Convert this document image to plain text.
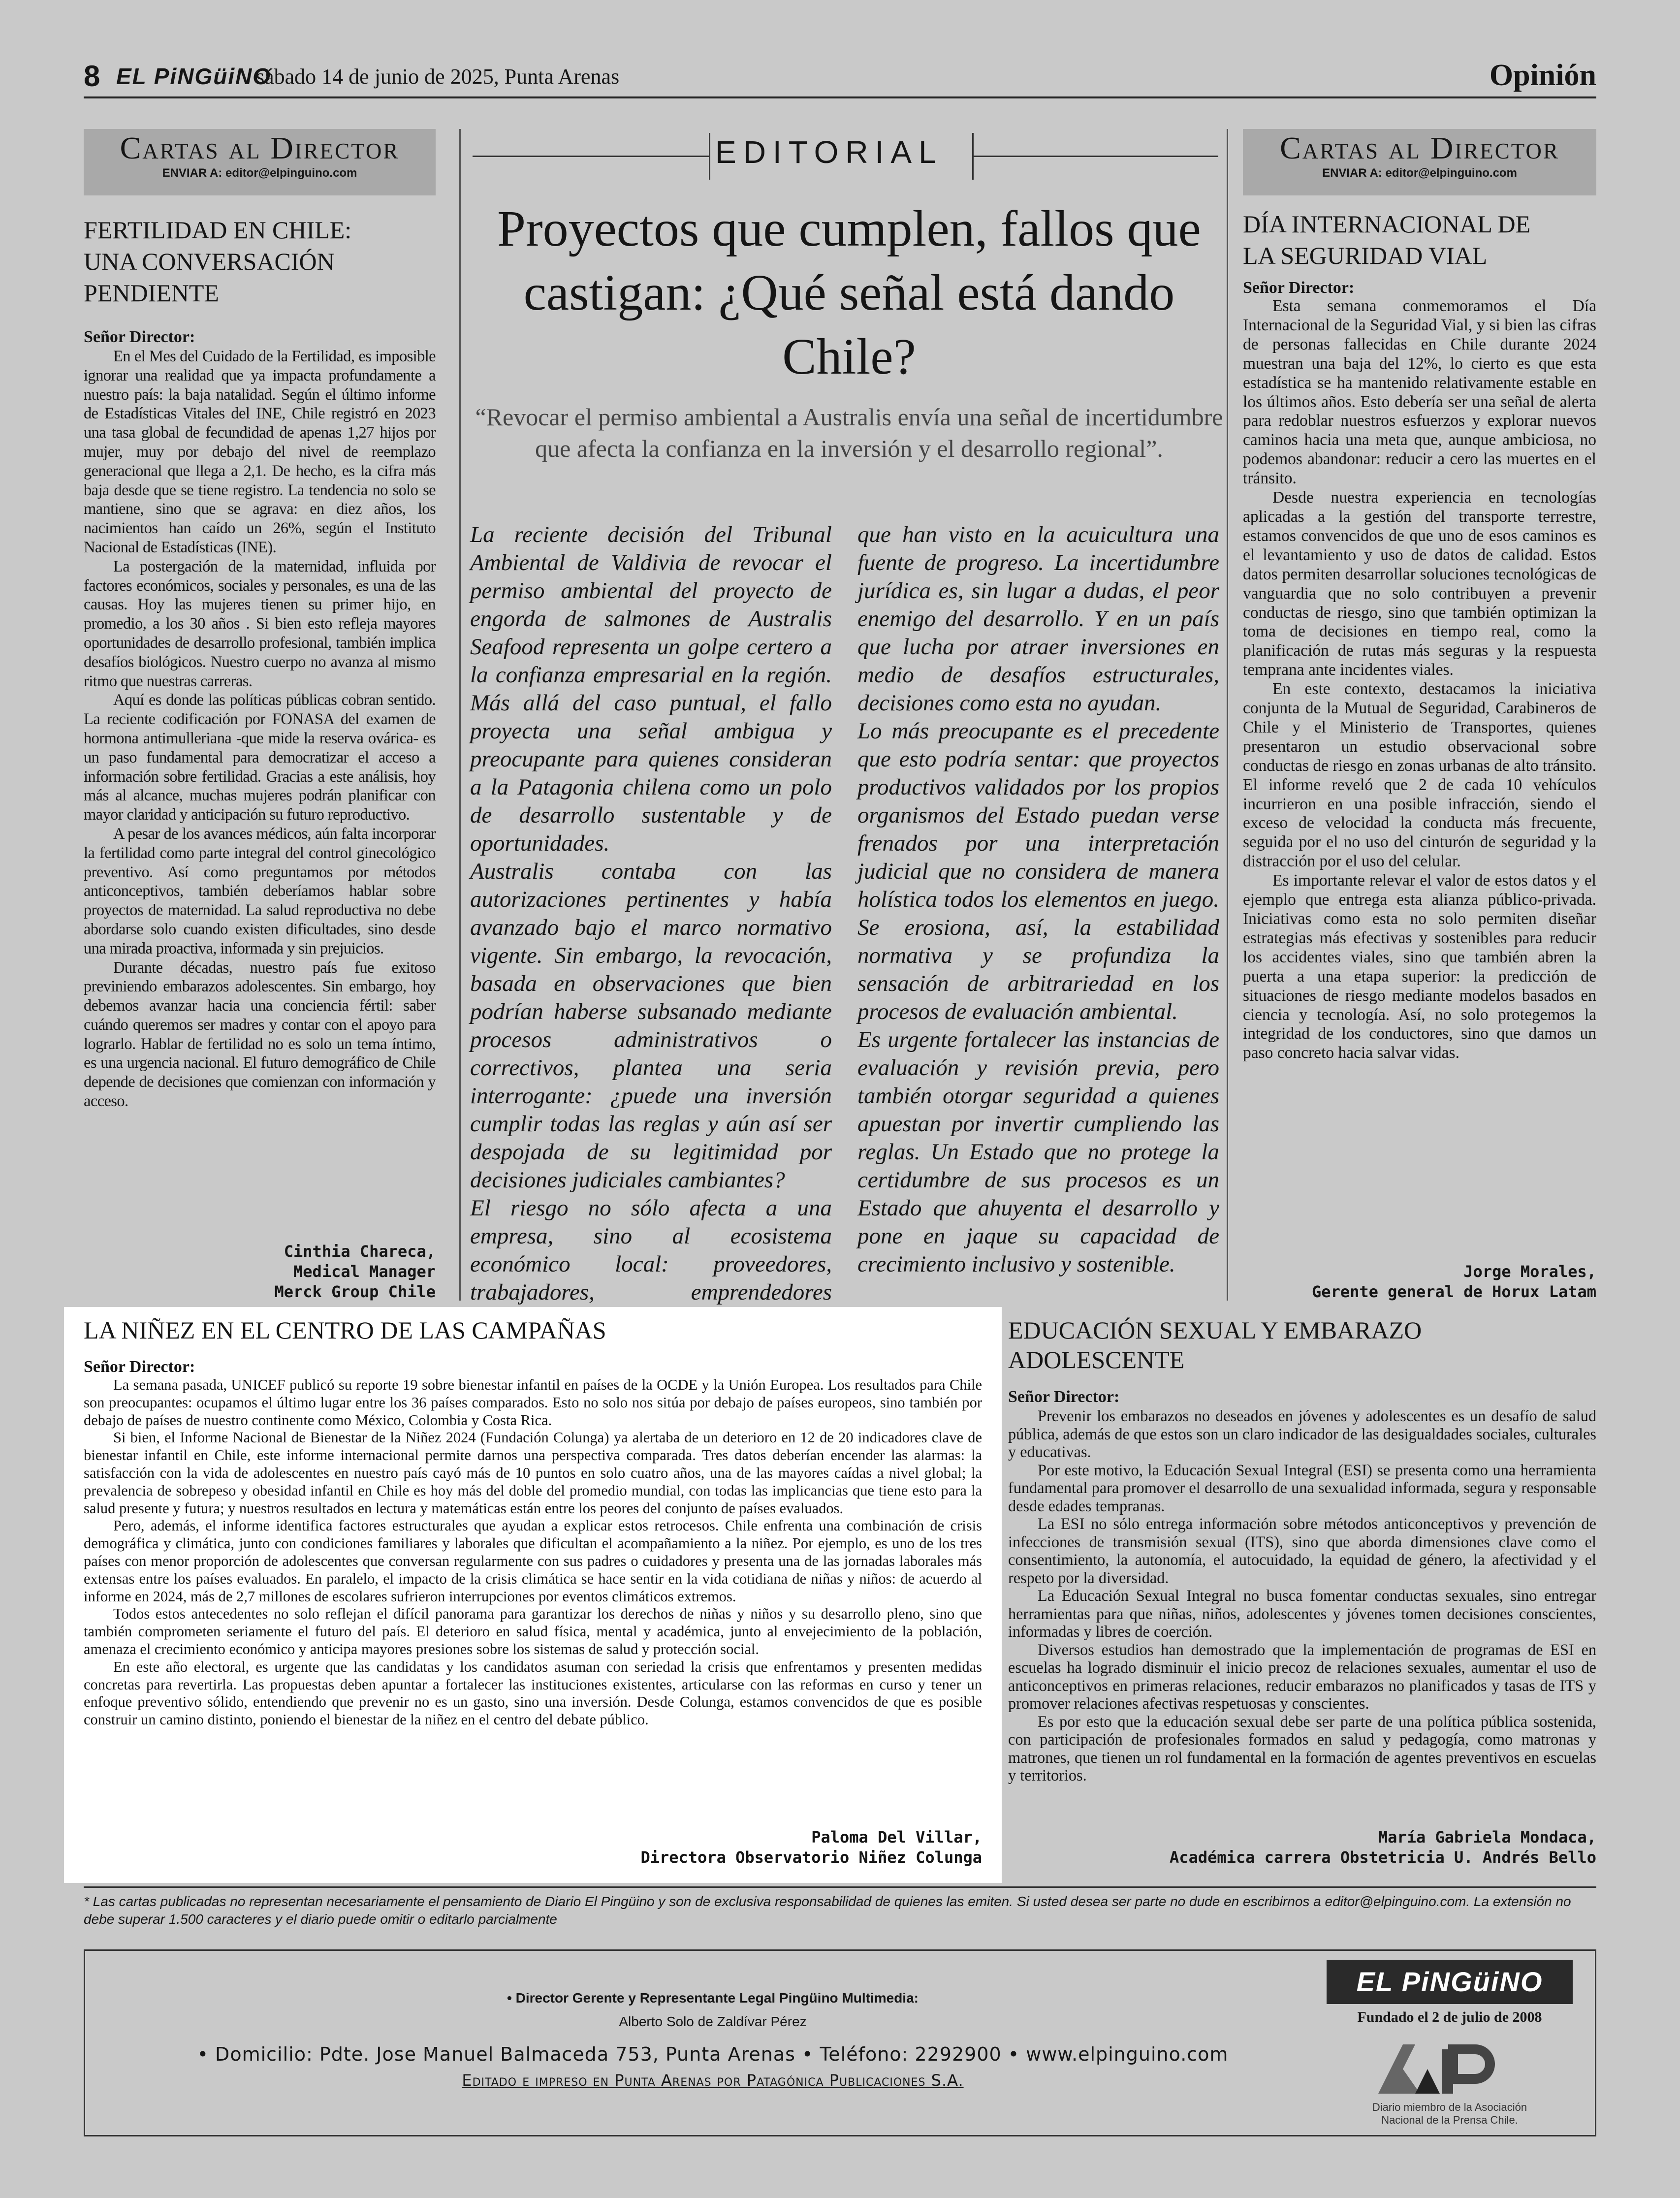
8 EL PiNGüiNO
sábado 14 de junio de 2025, Punta Arenas	Opinión
Cartas al Director
ENVIAR A: editor@elpinguino.com
FERTILIDAD EN CHILE:
UNA CONVERSACIÓN
PENDIENTE
Señor Director:

En el Mes del Cuidado de la Fertilidad, es imposible ignorar una realidad que ya impacta profundamente a nuestro país: la baja natalidad. Según el último informe de Estadísticas Vitales del INE, Chile registró en 2023 una tasa global de fecundidad de apenas 1,27 hijos por mujer, muy por debajo del nivel de reemplazo generacional que llega a 2,1. De hecho, es la cifra más baja desde que se tiene registro. La tendencia no solo se mantiene, sino que se agrava: en diez años, los nacimientos han caído un 26%, según el Instituto Nacional de Estadísticas (INE).

La postergación de la maternidad, influida por factores económicos, sociales y personales, es una de las causas. Hoy las mujeres tienen su primer hijo, en promedio, a los 30 años . Si bien esto refleja mayores oportunidades de desarrollo profesional, también implica desafíos biológicos. Nuestro cuerpo no avanza al mismo ritmo que nuestras carreras.

Aquí es donde las políticas públicas cobran sentido. La reciente codificación por FONASA del examen de hormona antimulleriana -que mide la reserva ovárica- es un paso fundamental para democratizar el acceso a información sobre fertilidad. Gracias a este análisis, hoy más al alcance, muchas mujeres podrán planificar con mayor claridad y anticipación su futuro reproductivo.

A pesar de los avances médicos, aún falta incorporar la fertilidad como parte integral del control ginecológico preventivo. Así como preguntamos por métodos anticonceptivos, también deberíamos hablar sobre proyectos de maternidad. La salud reproductiva no debe abordarse solo cuando existen dificultades, sino desde una mirada proactiva, informada y sin prejuicios.

Durante décadas, nuestro país fue exitoso previniendo embarazos adolescentes. Sin embargo, hoy debemos avanzar hacia una conciencia fértil: saber cuándo queremos ser madres y contar con el apoyo para lograrlo. Hablar de fertilidad no es solo un tema íntimo, es una urgencia nacional. El futuro demográfico de Chile depende de decisiones que comienzan con información y acceso.

Cinthia Chareca,
Medical Manager
Merck Group Chile
EDITORIAL
Proyectos que cumplen, fallos que castigan: ¿Qué señal está dando Chile?
“Revocar el permiso ambiental a Australis envía una señal de incertidumbre que afecta la confianza en la inversión y el desarrollo regional”.

La reciente decisión del Tribunal Ambiental de Valdivia de revocar el permiso ambiental del proyecto de engorda de salmones de Australis Seafood representa un golpe certero a la confianza empresarial en la región. Más allá del caso puntual, el fallo proyecta una señal ambigua y preocupante para quienes consideran a la Patagonia chilena como un polo de desarrollo sustentable y de oportunidades.

Australis contaba con las autorizaciones pertinentes y había avanzado bajo el marco normativo vigente. Sin embargo, la revocación, basada en observaciones que bien podrían haberse subsanado mediante procesos administrativos o correctivos, plantea una seria interrogante: ¿puede una inversión cumplir todas las reglas y aún así ser despojada de su legitimidad por decisiones judiciales cambiantes?

El riesgo no sólo afecta a una empresa, sino al ecosistema económico local: proveedores, trabajadores, emprendedores

que han visto en la acuicultura una fuente de progreso. La incertidumbre jurídica es, sin lugar a dudas, el peor enemigo del desarrollo. Y en un país que lucha por atraer inversiones en medio de desafíos estructurales, decisiones como esta no ayudan.

Lo más preocupante es el precedente que esto podría sentar: que proyectos productivos validados por los propios organismos del Estado puedan verse frenados por una interpretación judicial que no considera de manera holística todos los elementos en juego. Se erosiona, así, la estabilidad normativa y se profundiza la sensación de arbitrariedad en los procesos de evaluación ambiental.

Es urgente fortalecer las instancias de evaluación y revisión previa, pero también otorgar seguridad a quienes apuestan por invertir cumpliendo las reglas. Un Estado que no protege la certidumbre de sus procesos es un Estado que ahuyenta el desarrollo y pone en jaque su capacidad de crecimiento inclusivo y sostenible.

Cartas al Director
ENVIAR A: editor@elpinguino.com
DÍA INTERNACIONAL DE
LA SEGURIDAD VIAL
Señor Director:

Esta semana conmemoramos el Día Internacional de la Seguridad Vial, y si bien las cifras de personas fallecidas en Chile durante 2024 muestran una baja del 12%, lo cierto es que esta estadística se ha mantenido relativamente estable en los últimos años. Esto debería ser una señal de alerta para redoblar nuestros esfuerzos y explorar nuevos caminos hacia una meta que, aunque ambiciosa, no podemos abandonar: reducir a cero las muertes en el tránsito.

Desde nuestra experiencia en tecnologías aplicadas a la gestión del transporte terrestre, estamos convencidos de que uno de esos caminos es el levantamiento y uso de datos de calidad. Estos datos permiten desarrollar soluciones tecnológicas de vanguardia que no solo contribuyen a prevenir conductas de riesgo, sino que también optimizan la toma de decisiones en tiempo real, como la planificación de rutas más seguras y la respuesta temprana ante incidentes viales.

En este contexto, destacamos la iniciativa conjunta de la Mutual de Seguridad, Carabineros de Chile y el Ministerio de Transportes, quienes presentaron un estudio observacional sobre conductas de riesgo en zonas urbanas de alto tránsito. El informe reveló que 2 de cada 10 vehículos incurrieron en una posible infracción, siendo el exceso de velocidad la conducta más frecuente, seguida por el no uso del cinturón de seguridad y la distracción por el uso del celular.

Es importante relevar el valor de estos datos y el ejemplo que entrega esta alianza público-privada. Iniciativas como esta no solo permiten diseñar estrategias más efectivas y sostenibles para reducir los accidentes viales, sino que también abren la puerta a una etapa superior: la predicción de situaciones de riesgo mediante modelos basados en ciencia y tecnología. Así, no solo protegemos la integridad de los conductores, sino que damos un paso concreto hacia salvar vidas.

Jorge Morales,
Gerente general de Horux Latam
LA NIÑEZ EN EL CENTRO DE LAS CAMPAÑAS
Señor Director:

La semana pasada, UNICEF publicó su reporte 19 sobre bienestar infantil en países de la OCDE y la Unión Europea. Los resultados para Chile son preocupantes: ocupamos el último lugar entre los 36 países comparados. Esto no solo nos sitúa por debajo de países europeos, sino también por debajo de países de nuestro continente como México, Colombia y Costa Rica.

Si bien, el Informe Nacional de Bienestar de la Niñez 2024 (Fundación Colunga) ya alertaba de un deterioro en 12 de 20 indicadores clave de bienestar infantil en Chile, este informe internacional permite darnos una perspectiva comparada. Tres datos deberían encender las alarmas: la satisfacción con la vida de adolescentes en nuestro país cayó más de 10 puntos en solo cuatro años, una de las mayores caídas a nivel global; la prevalencia de sobrepeso y obesidad infantil en Chile es hoy más del doble del promedio mundial, con todas las implicancias que tiene esto para la salud presente y futura; y nuestros resultados en lectura y matemáticas están entre los peores del conjunto de países evaluados.

Pero, además, el informe identifica factores estructurales que ayudan a explicar estos retrocesos. Chile enfrenta una combinación de crisis demográfica y climática, junto con condiciones familiares y laborales que dificultan el acompañamiento a la niñez. Por ejemplo, es uno de los tres países con menor proporción de adolescentes que conversan regularmente con sus padres o cuidadores y presenta una de las jornadas laborales más extensas entre los países evaluados. En paralelo, el impacto de la crisis climática se hace sentir en la vida cotidiana de niñas y niños: de acuerdo al informe en 2024, más de 2,7 millones de escolares sufrieron interrupciones por eventos climáticos extremos.

Todos estos antecedentes no solo reflejan el difícil panorama para garantizar los derechos de niñas y niños y su desarrollo pleno, sino que también comprometen seriamente el futuro del país. El deterioro en salud física, mental y académica, junto al envejecimiento de la población, amenaza el crecimiento económico y anticipa mayores presiones sobre los sistemas de salud y protección social.

En este año electoral, es urgente que las candidatas y los candidatos asuman con seriedad la crisis que enfrentamos y presenten medidas concretas para revertirla. Las propuestas deben apuntar a fortalecer las instituciones existentes, articularse con las reformas en curso y tener un enfoque preventivo sólido, entendiendo que prevenir no es un gasto, sino una inversión. Desde Colunga, estamos convencidos de que es posible construir un camino distinto, poniendo el bienestar de la niñez en el centro del debate público.

Paloma Del Villar,
Directora Observatorio Niñez Colunga
EDUCACIÓN SEXUAL Y EMBARAZO ADOLESCENTE
Señor Director:

Prevenir los embarazos no deseados en jóvenes y adolescentes es un desafío de salud pública, además de que estos son un claro indicador de las desigualdades sociales, culturales y educativas.

Por este motivo, la Educación Sexual Integral (ESI) se presenta como una herramienta fundamental para promover el desarrollo de una sexualidad informada, segura y responsable desde edades tempranas.

La ESI no sólo entrega información sobre métodos anticonceptivos y prevención de infecciones de transmisión sexual (ITS), sino que aborda dimensiones clave como el consentimiento, la autonomía, el autocuidado, la equidad de género, la afectividad y el respeto por la diversidad.

La Educación Sexual Integral no busca fomentar conductas sexuales, sino entregar herramientas para que niñas, niños, adolescentes y jóvenes tomen decisiones conscientes, informadas y libres de coerción.

Diversos estudios han demostrado que la implementación de programas de ESI en escuelas ha logrado disminuir el inicio precoz de relaciones sexuales, aumentar el uso de anticonceptivos en primeras relaciones, reducir embarazos no planificados y tasas de ITS y promover relaciones afectivas respetuosas y conscientes.

Es por esto que la educación sexual debe ser parte de una política pública sostenida, con participación de profesionales formados en salud y pedagogía, como matronas y matrones, que tienen un rol fundamental en la formación de agentes preventivos en escuelas y territorios.

María Gabriela Mondaca,
Académica carrera Obstetricia U. Andrés Bello
* Las cartas publicadas no representan necesariamente el pensamiento de Diario El Pingüino y son de exclusiva responsabilidad de quienes las emiten. Si usted desea ser parte no dude en escribirnos a editor@elpinguino.com. La extensión no debe superar 1.500 caracteres y el diario puede omitir o editarlo parcialmente
• Director Gerente y Representante Legal Pingüino Multimedia:
Alberto Solo de Zaldívar Pérez
• Domicilio: Pdte. Jose Manuel Balmaceda 753, Punta Arenas • Teléfono: 2292900 • www.elpinguino.com
Editado e impreso en Punta Arenas por Patagónica Publicaciones S.A.
EL PiNGüiNO
Fundado el 2 de julio de 2008
Diario miembro de la Asociación
Nacional de la Prensa Chile.
